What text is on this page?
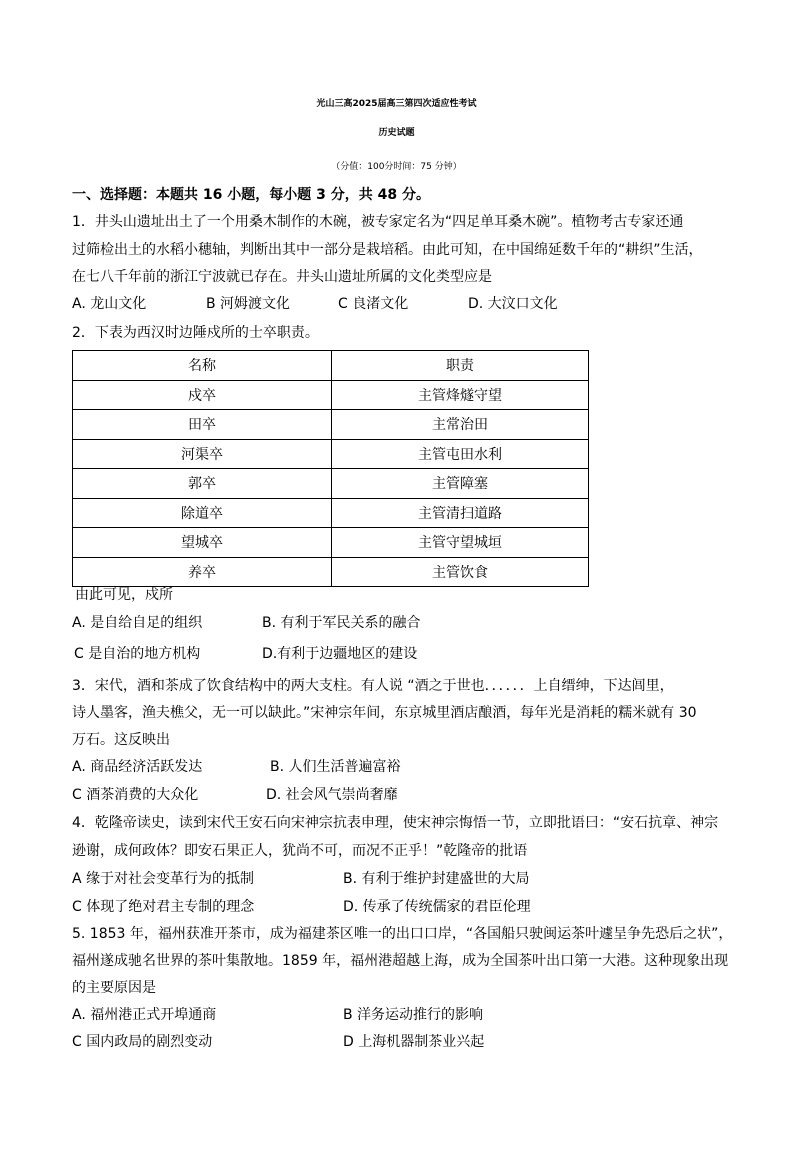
光山三高2025届高三第四次适应性考试
历史试题
（分值：100分时间：75 分钟）
一、选择题：本题共 16 小题，每小题 3 分，共 48 分。
1．井头山遗址出土了一个用桑木制作的木碗，被专家定名为“四足单耳桑木碗”。植物考古专家还通
过筛检出土的水稻小穗轴，判断出其中一部分是栽培稻。由此可知，在中国绵延数千年的“耕织”生活，
在七八千年前的浙江宁波就已存在。井头山遗址所属的文化类型应是
A. 龙山文化	B 河姆渡文化	C 良渚文化	D. 大汶口文化
2．下表为西汉时边陲戍所的士卒职责。
名称	职责
戍卒	主管烽燧守望
田卒	主常治田
河渠卒	主管屯田水利
郭卒	主管障塞
除道卒	主管清扫道路
望城卒	主管守望城垣
养卒	主管饮食
由此可见，戍所
A. 是自给自足的组织	B. 有利于军民关系的融合
C 是自治的地方机构	D.有利于边疆地区的建设
3．宋代，酒和茶成了饮食结构中的两大支柱。有人说 “酒之于世也．．．．．．上自缙绅，下达闾里，
诗人墨客，渔夫樵父，无一可以缺此。”宋神宗年间，东京城里酒店酿酒，每年光是消耗的糯米就有 30
万石。这反映出
A. 商品经济活跃发达	B. 人们生活普遍富裕
C 酒茶消费的大众化	D. 社会风气崇尚奢靡
4．乾隆帝读史，读到宋代王安石向宋神宗抗表申理，使宋神宗悔悟一节，立即批语曰：“安石抗章、神宗
逊谢，成何政体？即安石果正人，犹尚不可，而况不正乎！”乾隆帝的批语
A 缘于对社会变革行为的抵制	B. 有利于维护封建盛世的大局
C 体现了绝对君主专制的理念	D. 传承了传统儒家的君臣伦理
5. 1853 年，福州获准开茶市，成为福建茶区唯一的出口口岸，“各国船只驶闽运茶叶遽呈争先恐后之状”，
福州遂成驰名世界的茶叶集散地。1859 年，福州港超越上海，成为全国茶叶出口第一大港。这种现象出现
的主要原因是
A. 福州港正式开埠通商	B 洋务运动推行的影响
C 国内政局的剧烈变动	D 上海机器制茶业兴起
